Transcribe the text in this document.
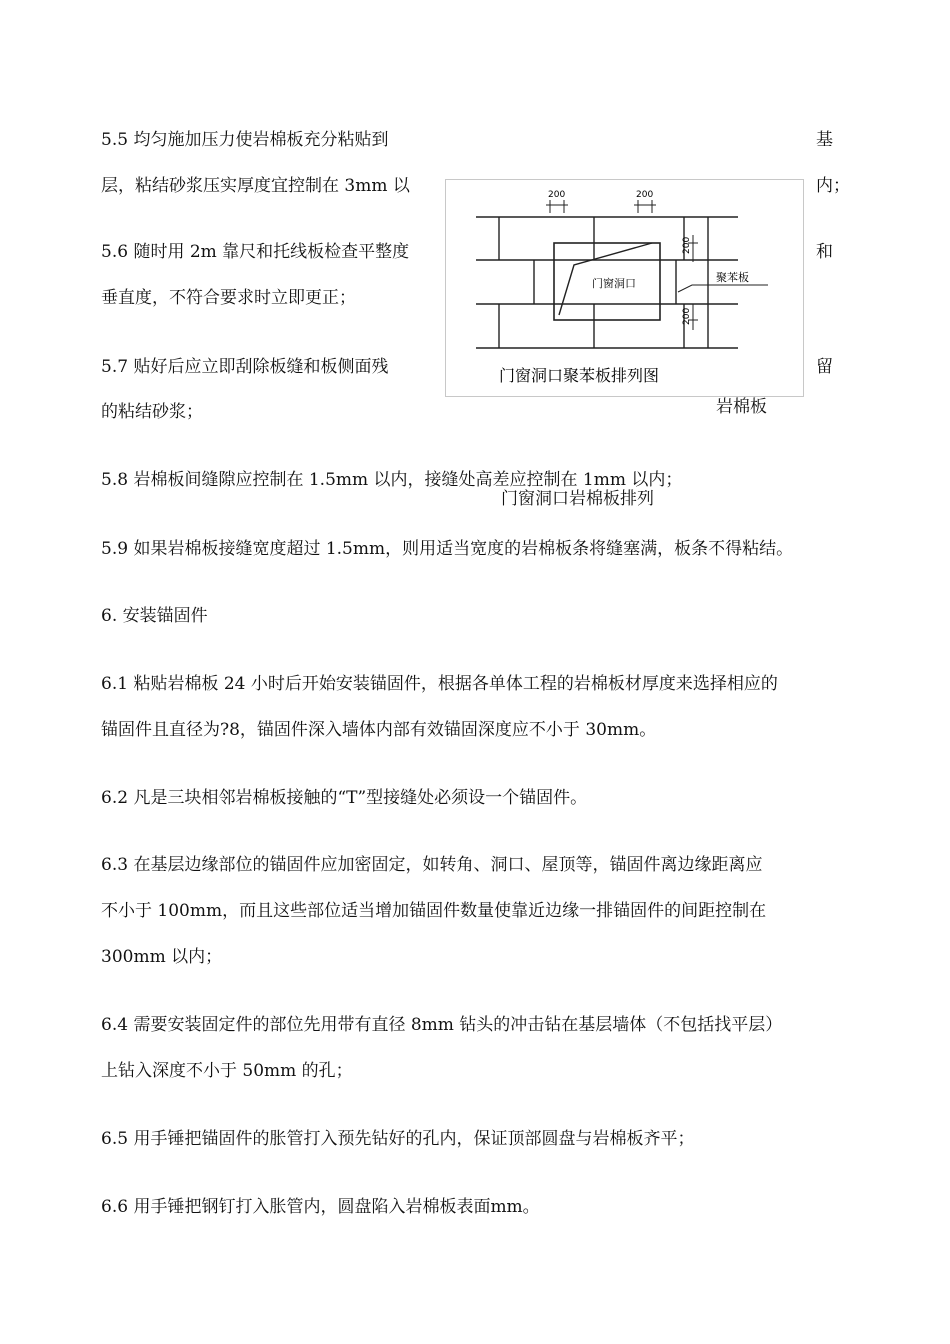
5.5 均匀施加压力使岩棉板充分粘贴到	基
层，粘结砂浆压实厚度宜控制在 3mm 以	内；
5.6 随时用 2m 靠尺和托线板检查平整度	和
垂直度，不符合要求时立即更正；
5.7 贴好后应立即刮除板缝和板侧面残	留
的粘结砂浆；
200	200
200
200
门窗洞口	聚苯板
门窗洞口聚苯板排列图
岩棉板
5.8 岩棉板间缝隙应控制在 1.5mm 以内，接缝处高差应控制在 1mm 以内；
门窗洞口岩棉板排列
5.9 如果岩棉板接缝宽度超过 1.5mm，则用适当宽度的岩棉板条将缝塞满，板条不得粘结。
6. 安装锚固件
6.1 粘贴岩棉板 24 小时后开始安装锚固件，根据各单体工程的岩棉板材厚度来选择相应的
锚固件且直径为?8，锚固件深入墙体内部有效锚固深度应不小于 30mm。
6.2 凡是三块相邻岩棉板接触的“T”型接缝处必须设一个锚固件。
6.3 在基层边缘部位的锚固件应加密固定，如转角、洞口、屋顶等，锚固件离边缘距离应
不小于 100mm，而且这些部位适当增加锚固件数量使靠近边缘一排锚固件的间距控制在
300mm 以内；
6.4 需要安装固定件的部位先用带有直径 8mm 钻头的冲击钻在基层墙体（不包括找平层）
上钻入深度不小于 50mm 的孔；
6.5 用手锤把锚固件的胀管打入预先钻好的孔内，保证顶部圆盘与岩棉板齐平；
6.6 用手锤把钢钉打入胀管内，圆盘陷入岩棉板表面mm。
